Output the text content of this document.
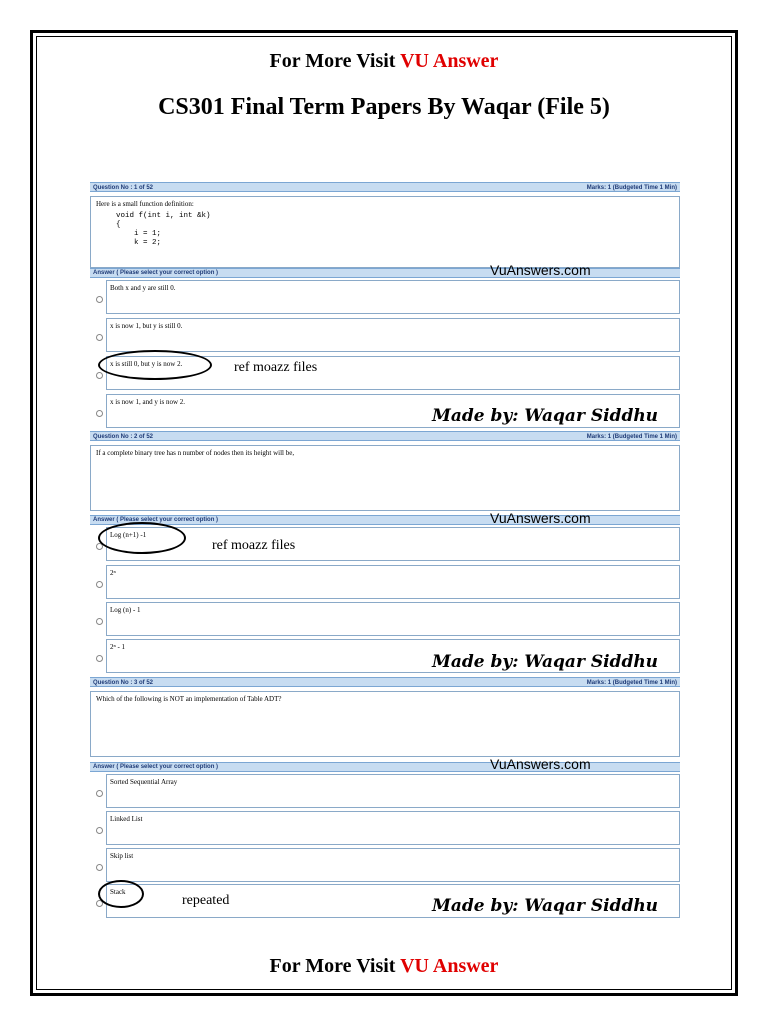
For More Visit VU Answer
CS301 Final Term Papers By Waqar (File 5)
Question No : 1 of 52	Marks: 1 (Budgeted Time 1 Min)
Here is a small function definition:
void f(int i, int &k)
{
i = 1;
k = 2;
Answer ( Please select your correct option )	VuAnswers.com
Both x and y are still 0.
x is now 1, but y is still 0.
x is still 0, but y is now 2.
x is now 1, and y is now 2.
ref moazz files
Made by: Waqar Siddhu
Question No : 2 of 52	Marks: 1 (Budgeted Time 1 Min)
If a complete binary tree has n number of nodes then its height will be,
Answer ( Please select your correct option )	VuAnswers.com
Log (n+1) -1
2ⁿ
Log (n) - 1
2ⁿ - 1
ref moazz files
Made by: Waqar Siddhu
Question No : 3 of 52	Marks: 1 (Budgeted Time 1 Min)
Which of the following is NOT an implementation of Table ADT?
Answer ( Please select your correct option )	VuAnswers.com
Sorted Sequential Array
Linked List
Skip list
Stack
repeated	Made by: Waqar Siddhu
For More Visit VU Answer
